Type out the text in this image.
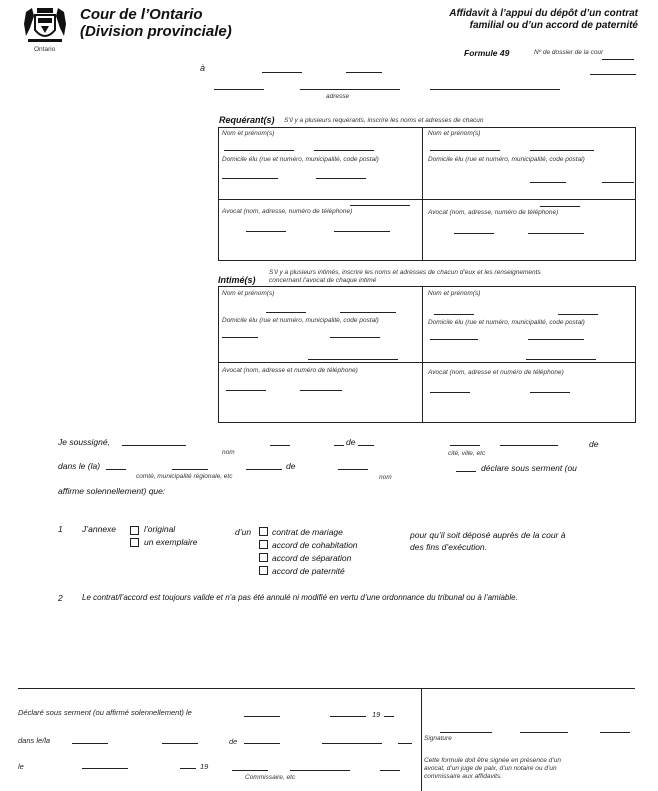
Ontario
Cour de l’Ontario
(Division provinciale)
Affidavit à l’appui du dépôt d’un contrat
familial ou d’un accord de paternité
Formule 49	Nº de dossier de la cour
à
adresse
Requérant(s) S’il y a plusieurs requérants, inscrire les noms et adresses de chacun
Nom et prénom(s)	Nom et prénom(s)
Domicile élu (rue et numéro, municipalité, code postal)	Domicile élu (rue et numéro, municipalité, code postal)
Avocat (nom, adresse, numéro de téléphone)	Avocat (nom, adresse, numéro de téléphone)
Intimé(s)
S’il y a plusieurs intimés, inscrire les noms et adresses de chacun d’eux et les renseignements
concernant l’avocat de chaque intimé
Nom et prénom(s)	Nom et prénom(s)
Domicile élu (rue et numéro, municipalité, code postal)	Domicile élu (rue et numéro, municipalité, code postal)
Avocat (nom, adresse et numéro de téléphone)	Avocat (nom, adresse et numéro de téléphone)
Je soussigné,
nom
de
cité, ville, etc
de
dans le (la)
comté, municipalité régionale, etc
de
nom
déclare sous serment (ou
affirme solennellement) que:
1 J’annexe	l’original
un exemplaire
d’un contrat de mariage
accord de cohabitation
accord de séparation
accord de paternité
pour qu’il soit déposé auprès de la cour à
des fins d’exécution.
2 Le contrat/l’accord est toujours valide et n’a pas été annulé ni modifié en vertu d’une ordonnance du tribunal ou à l’amiable.
Déclaré sous serment (ou affirmé solennellement) le	19
dans le/la	de
le	19
Commissaire, etc
Signature
Cette formule doit être signée en présence d’un
avocat, d’un juge de paix, d’un notaire ou d’un
commissaire aux affidavits.
